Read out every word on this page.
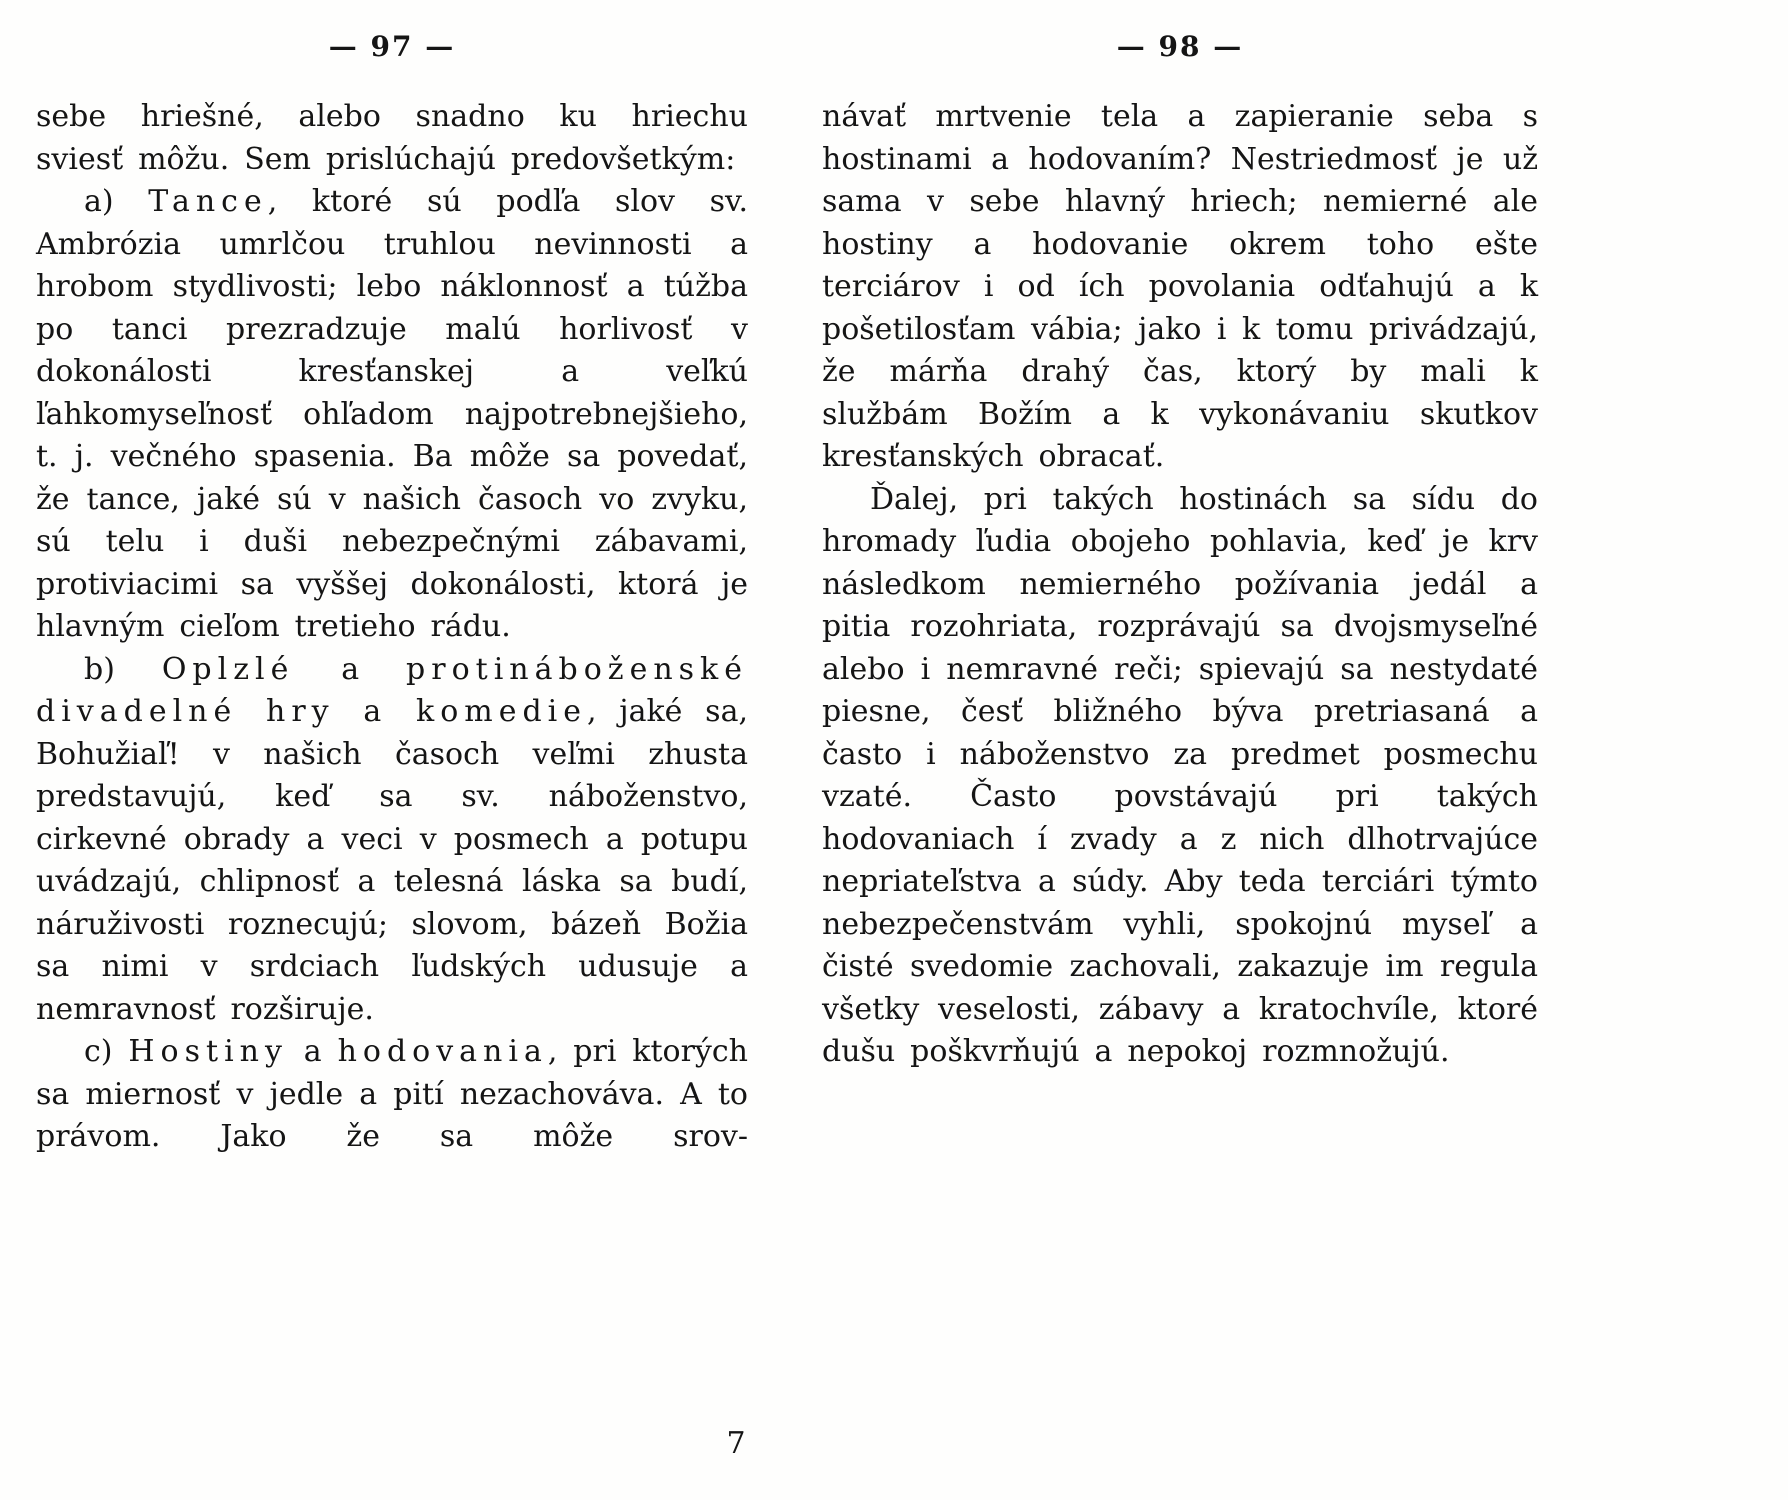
— 97 —	— 98 —

sebe hriešné, alebo snadno ku hriechu sviesť môžu. Sem prislúchajú predovšetkým:

a) Tance, ktoré sú podľa slov sv. Ambrózia umrlčou truhlou nevinnosti a hrobom stydlivosti; lebo náklonnosť a túžba po tanci prezradzuje malú horlivosť v dokonálosti kresťanskej a veľkú ľahkomyseľnosť ohľadom najpotrebnejšieho, t. j. večného spasenia. Ba môže sa povedať, že tance, jaké sú v našich časoch vo zvyku, sú telu i duši nebezpečnými zábavami, protiviacimi sa vyššej dokonálosti, ktorá je hlavným cieľom tretieho rádu.

b) Oplzlé a protináboženské divadelné hry a komedie, jaké sa, Bohužiaľ! v našich časoch veľmi zhusta predstavujú, keď sa sv. náboženstvo, cirkevné obrady a veci v posmech a potupu uvádzajú, chlipnosť a telesná láska sa budí, náruživosti roznecujú; slovom, bázeň Božia sa nimi v srdciach ľudských udusuje a nemravnosť rozširuje.

c) Hostiny a hodovania, pri ktorých sa miernosť v jedle a pití nezachováva. A to právom. Jako že sa môže srov-

návať mrtvenie tela a zapieranie seba s hostinami a hodovaním? Nestriedmosť je už sama v sebe hlavný hriech; nemierné ale hostiny a hodovanie okrem toho ešte terciárov i od ích povolania odťahujú a k pošetilosťam vábia; jako i k tomu privádzajú, že márňa drahý čas, ktorý by mali k službám Božím a k vykonávaniu skutkov kresťanských obracať.

Ďalej, pri takých hostinách sa sídu do hromady ľudia obojeho pohlavia, keď je krv následkom nemierného požívania jedál a pitia rozohriata, rozprávajú sa dvojsmyseľné alebo i nemravné reči; spievajú sa nestydaté piesne, česť bližného býva pretriasaná a často i náboženstvo za predmet posmechu vzaté. Často povstávajú pri takých hodovaniach í zvady a z nich dlhotrvajúce nepriateľstva a súdy. Aby teda terciári týmto nebezpečenstvám vyhli, spokojnú myseľ a čisté svedomie zachovali, zakazuje im regula všetky veselosti, zábavy a kratochvíle, ktoré dušu poškvrňujú a nepokoj rozmnožujú.

7
